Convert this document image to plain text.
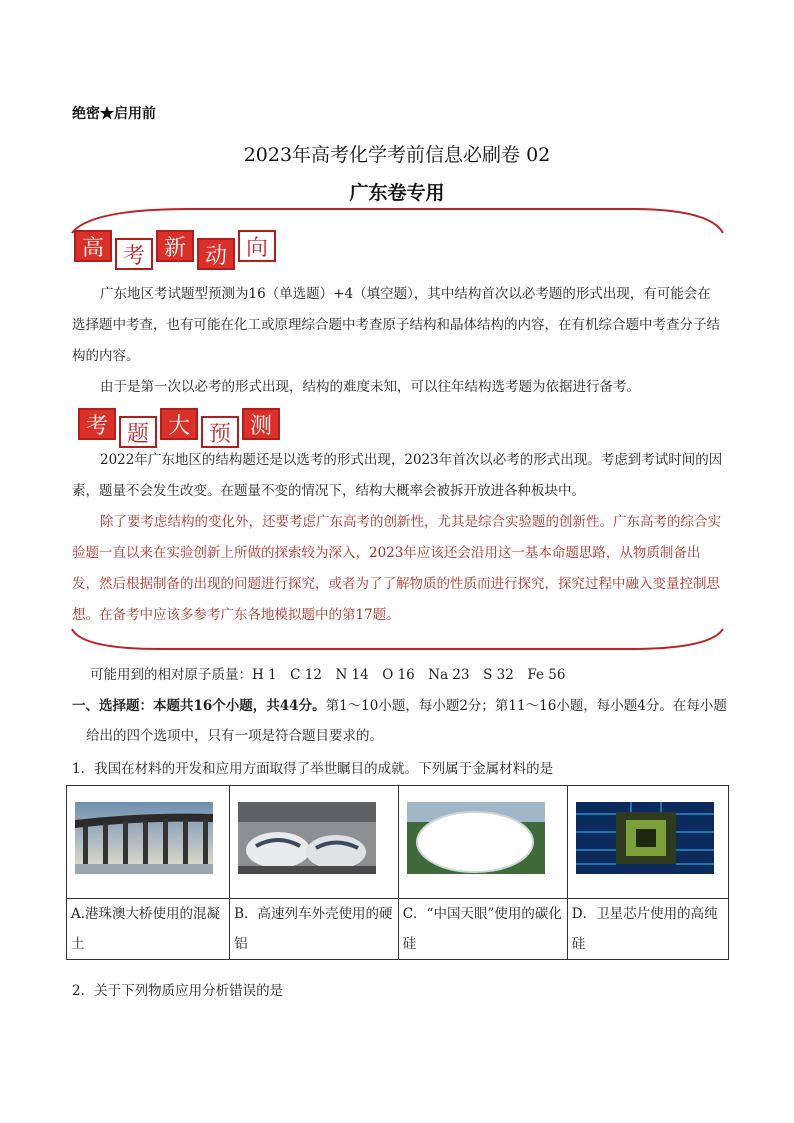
绝密★启用前
2023年高考化学考前信息必刷卷 02
广东卷专用
高 考 新 动 向

广东地区考试题型预测为16（单选题）+4（填空题），其中结构首次以必考题的形式出现，有可能会在选择题中考查，也有可能在化工或原理综合题中考查原子结构和晶体结构的内容，在有机综合题中考查分子结构的内容。

由于是第一次以必考的形式出现，结构的难度未知，可以往年结构选考题为依据进行备考。

考 题 大 预 测

2022年广东地区的结构题还是以选考的形式出现，2023年首次以必考的形式出现。考虑到考试时间的因素，题量不会发生改变。在题量不变的情况下，结构大概率会被拆开放进各种板块中。

除了要考虑结构的变化外，还要考虑广东高考的创新性，尤其是综合实验题的创新性。广东高考的综合实验题一直以来在实验创新上所做的探索较为深入，2023年应该还会沿用这一基本命题思路，从物质制备出发，然后根据制备的出现的问题进行探究，或者为了了解物质的性质而进行探究，探究过程中融入变量控制思想。在备考中应该多参考广东各地模拟题中的第17题。

可能用到的相对原子质量：H 1　C 12　N 14　O 16　Na 23　S 32　Fe 56
一、选择题：本题共16个小题，共44分。第1～10小题，每小题2分；第11～16小题，每小题4分。在每小题给出的四个选项中，只有一项是符合题目要求的。
1．我国在材料的开发和应用方面取得了举世瞩目的成就。下列属于金属材料的是

A.港珠澳大桥使用的混凝土	B．高速列车外壳使用的硬铝	C．“中国天眼”使用的碳化硅	D．卫星芯片使用的高纯硅
2．关于下列物质应用分析错误的是
